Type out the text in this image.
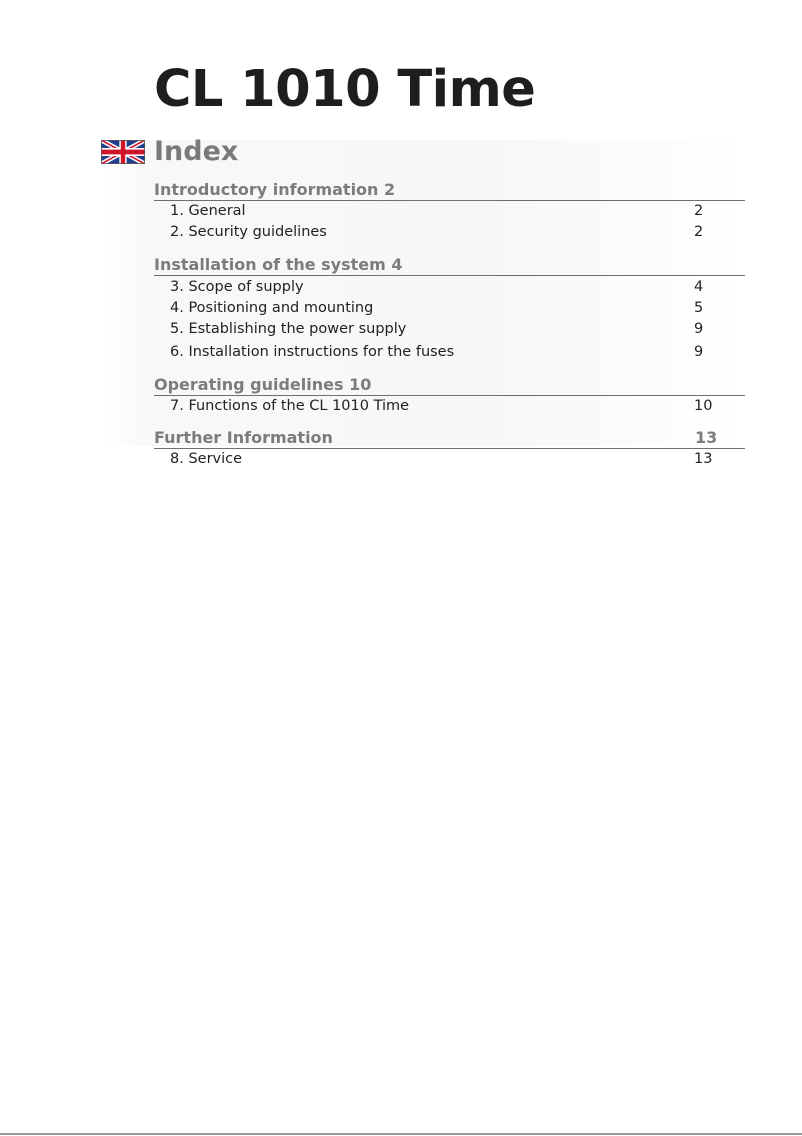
CL 1010 Time
Index
Introductory information 2
1. General	2
2. Security guidelines	2
Installation of the system 4
3. Scope of supply	4
4. Positioning and mounting	5
5. Establishing the power supply	9
6. Installation instructions for the fuses	9
Operating guidelines 10
7. Functions of the CL 1010 Time	10
Further Information	13
8. Service	13
